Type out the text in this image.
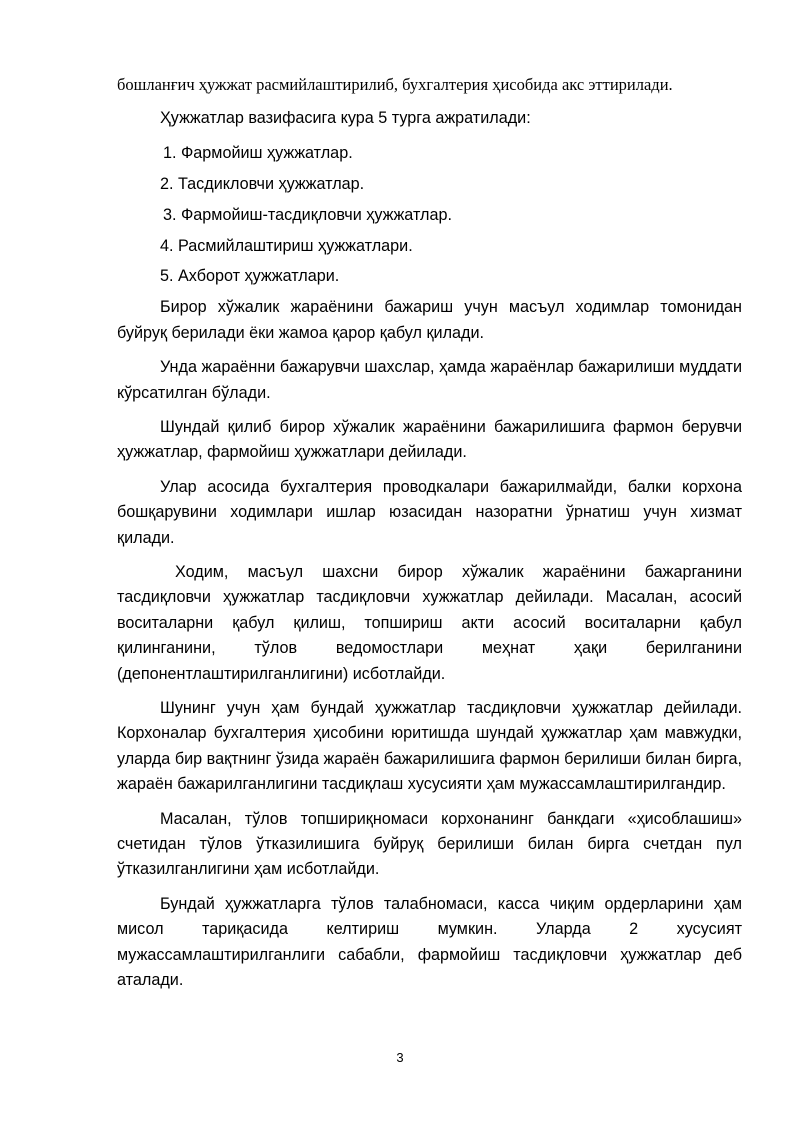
бошланғич ҳужжат расмийлаштирилиб, бухгалтерия ҳисобида акс эттирилади.

Ҳужжатлар вазифасига кура 5 турга ажратилади:

1. Фармойиш ҳужжатлар.

2. Тасдикловчи ҳужжатлар.

3. Фармойиш-тасдиқловчи ҳужжатлар.

4. Расмийлаштириш ҳужжатлари.

5. Ахборот ҳужжатлари.

Бирор хўжалик жараёнини бажариш учун масъул ходимлар томонидан буйруқ берилади ёки жамоа қарор қабул қилади.

Унда жараённи бажарувчи шахслар, ҳамда жараёнлар бажарилиши муддати кўрсатилган бўлади.

Шундай қилиб бирор хўжалик жараёнини бажарилишига фармон берувчи ҳужжатлар, фармойиш ҳужжатлари дейилади.

Улар асосида бухгалтерия проводкалари бажарилмайди, балки корхона бошқарувини ходимлари ишлар юзасидан назоратни ўрнатиш учун хизмат қилади.

Ходим, масъул шахсни бирор хўжалик жараёнини бажарганини тасдиқловчи ҳужжатлар тасдиқловчи хужжатлар дейилади. Масалан, асосий воситаларни қабул қилиш, топшириш акти асосий воситаларни қабул қилинганини, тўлов ведомостлари меҳнат ҳақи берилганини (депонентлаштирилганлигини) исботлайди.

Шунинг учун ҳам бундай ҳужжатлар тасдиқловчи ҳужжатлар дейилади. Корхоналар бухгалтерия ҳисобини юритишда шундай ҳужжатлар ҳам мавжудки, уларда бир вақтнинг ўзида жараён бажарилишига фармон берилиши билан бирга, жараён бажарилганлигини тасдиқлаш хусусияти ҳам мужассамлаштирилгандир.

Масалан, тўлов топшириқномаси корхонанинг банкдаги «ҳисоблашиш» счетидан тўлов ўтказилишига буйруқ берилиши билан бирга счетдан пул ўтказилганлигини ҳам исботлайди.

Бундай ҳужжатларга тўлов талабномаси, касса чиқим ордерларини ҳам мисол тариқасида келтириш мумкин. Уларда 2 хусусият мужассамлаштирилганлиги сабабли, фармойиш тасдиқловчи ҳужжатлар деб аталади.

3
